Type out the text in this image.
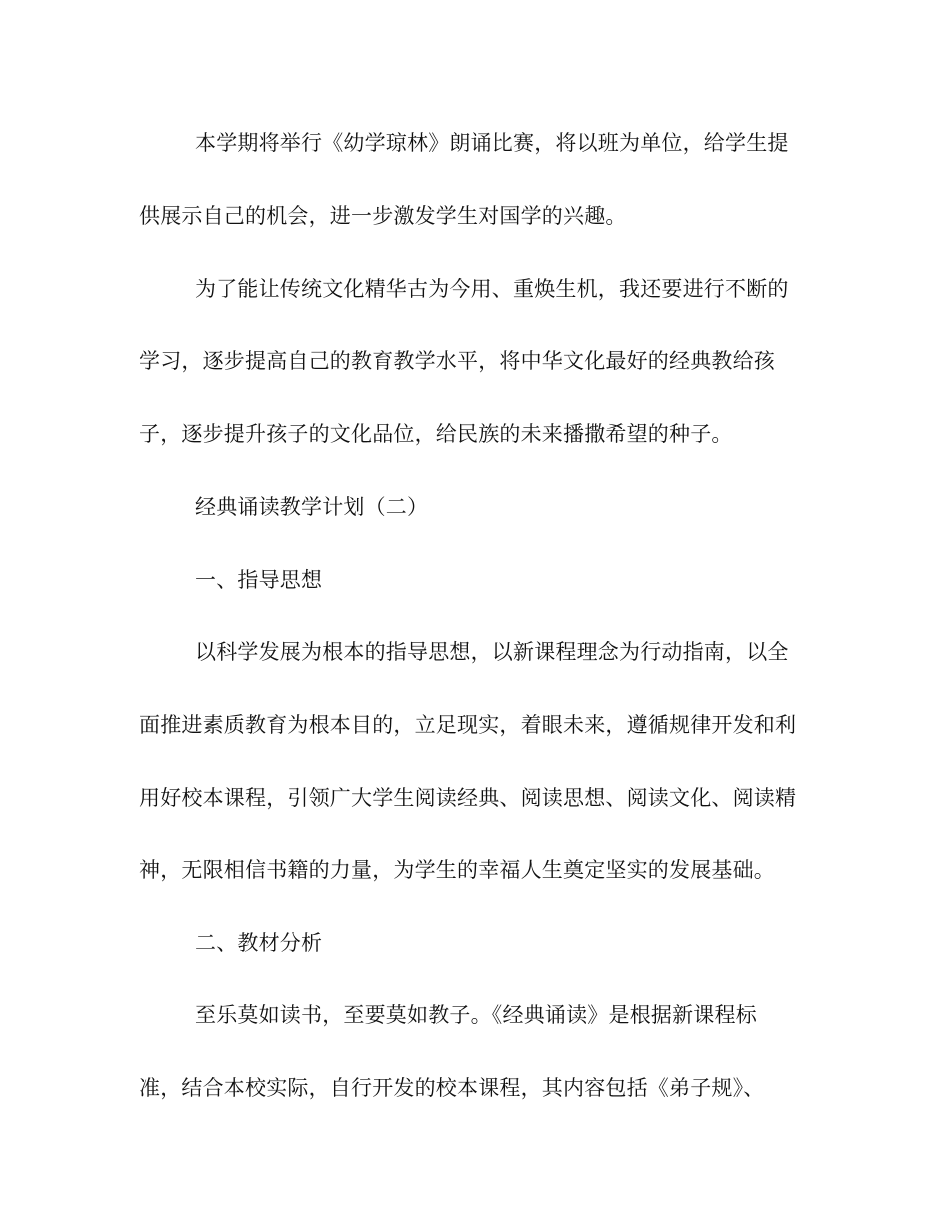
本学期将举行《幼学琼林》朗诵比赛，将以班为单位，给学生提
供展示自己的机会，进一步激发学生对国学的兴趣。
为了能让传统文化精华古为今用、重焕生机，我还要进行不断的
学习，逐步提高自己的教育教学水平，将中华文化最好的经典教给孩
子，逐步提升孩子的文化品位，给民族的未来播撒希望的种子。
经典诵读教学计划（二）
一、指导思想
以科学发展为根本的指导思想，以新课程理念为行动指南，以全
面推进素质教育为根本目的，立足现实，着眼未来，遵循规律开发和利
用好校本课程，引领广大学生阅读经典、阅读思想、阅读文化、阅读精
神，无限相信书籍的力量，为学生的幸福人生奠定坚实的发展基础。
二、教材分析
至乐莫如读书，至要莫如教子。《经典诵读》是根据新课程标
准，结合本校实际，自行开发的校本课程，其内容包括《弟子规》、
